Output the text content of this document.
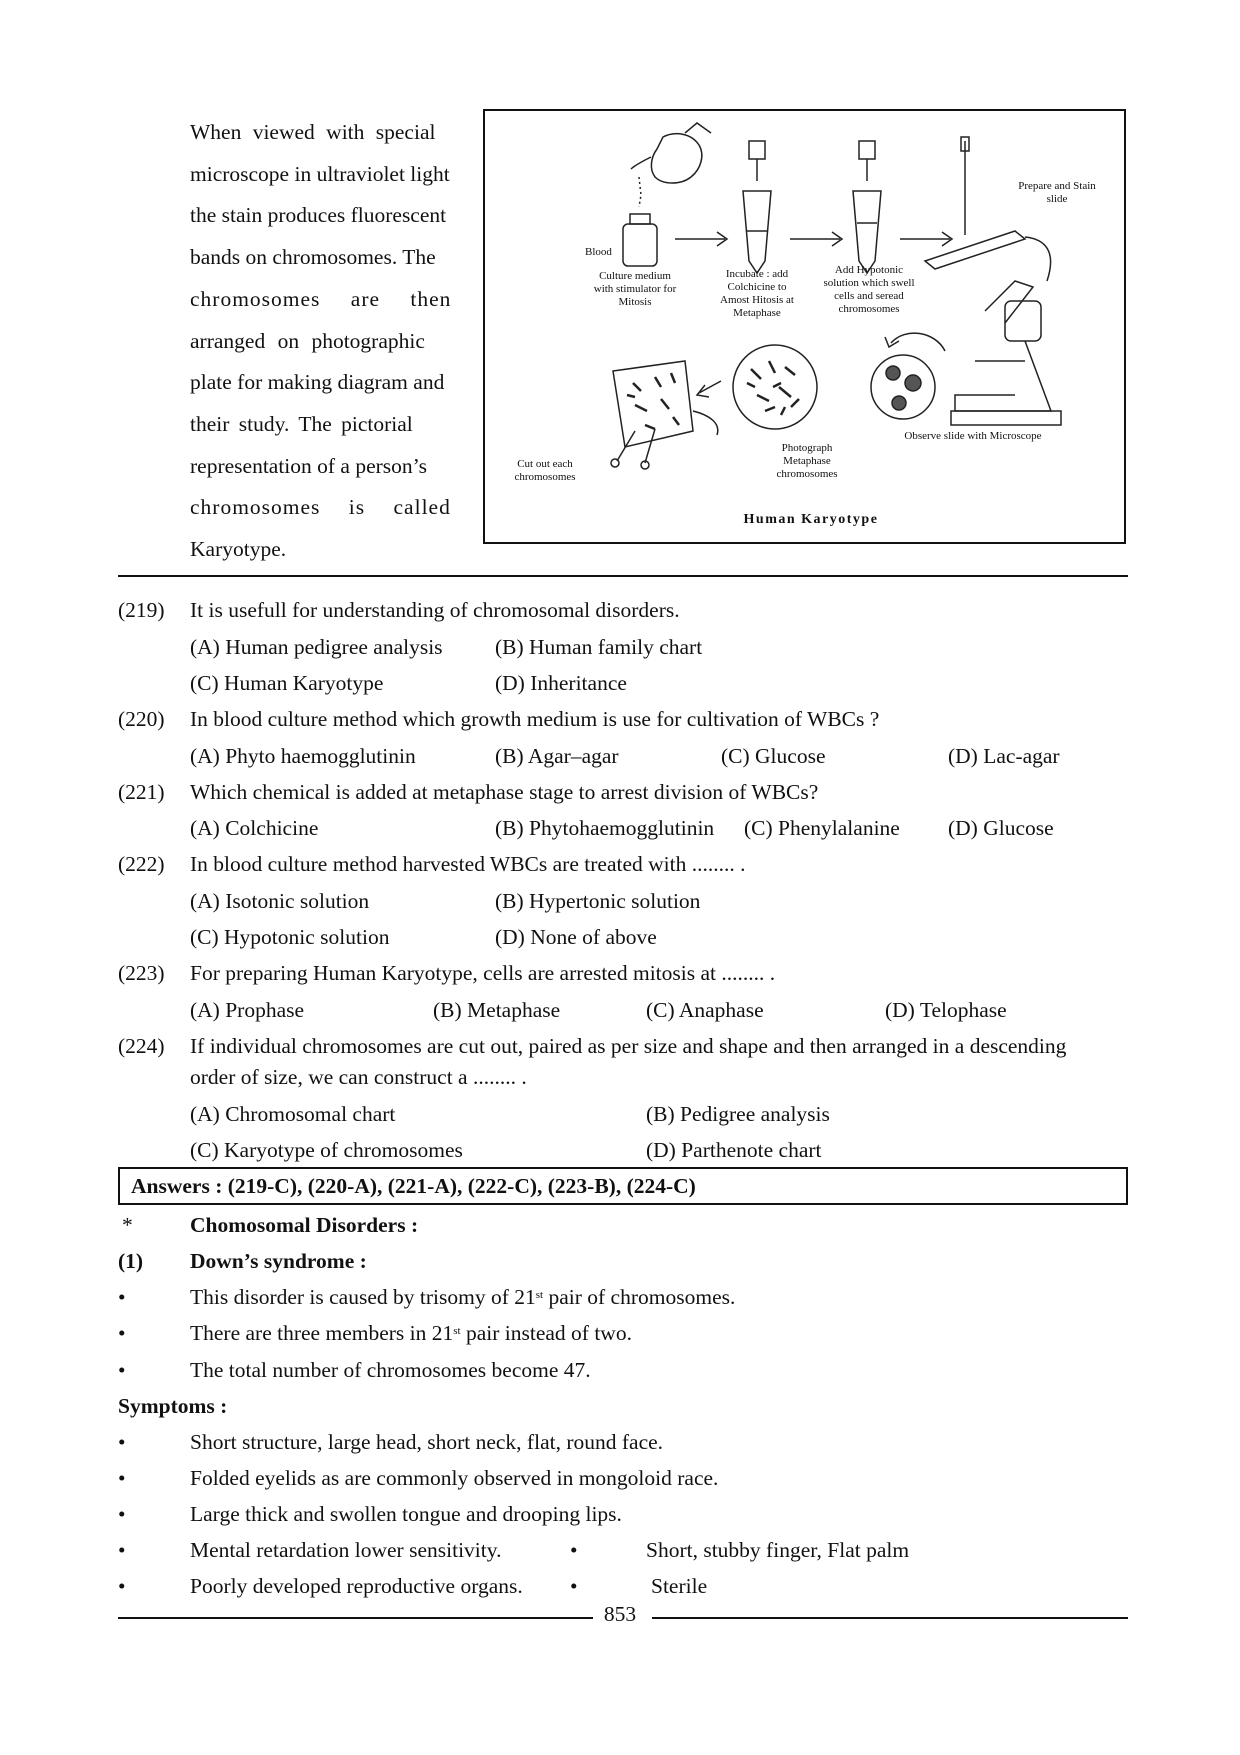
When viewed with special
microscope in ultraviolet light
the stain produces fluorescent
bands on chromosomes. The
chromosomes are then
arranged on photographic
plate for making diagram and
their study. The pictorial
representation of a person’s
chromosomes is called
Karyotype.
Blood
Culture medium
with stimulator for
Mitosis
Incubate : add
Colchicine to
Amost Hitosis at
Metaphase
Add Hypotonic
solution which swell
cells and seread
chromosomes
Prepare and Stain
slide
Observe slide with Microscope
Photograph
Metaphase
chromosomes
Cut out each
chromosomes
Human Karyotype
(219) It is usefull for understanding of chromosomal disorders.
(A) Human pedigree analysis (B) Human family chart
(C) Human Karyotype	(D) Inheritance
(220) In blood culture method which growth medium is use for cultivation of WBCs ?
(A) Phyto haemogglutinin	(B) Agar–agar	(C) Glucose	(D) Lac-agar
(221) Which chemical is added at metaphase stage to arrest division of WBCs?
(A) Colchicine	(B) Phytohaemogglutinin (C) Phenylalanine (D) Glucose
(222) In blood culture method harvested WBCs are treated with ........ .
(A) Isotonic solution	(B) Hypertonic solution
(C) Hypotonic solution	(D) None of above
(223) For preparing Human Karyotype, cells are arrested mitosis at ........ .
(A) Prophase	(B) Metaphase	(C) Anaphase	(D) Telophase
(224) If individual chromosomes are cut out, paired as per size and shape and then arranged in a descending
order of size, we can construct a ........ .
(A) Chromosomal chart	(B) Pedigree analysis
(C) Karyotype of chromosomes	(D) Parthenote chart
Answers : (219-C), (220-A), (221-A), (222-C), (223-B), (224-C)
*	Chomosomal Disorders :
(1) Down’s syndrome :
•	This disorder is caused by trisomy of 21st pair of chromosomes.
•	There are three members in 21st pair instead of two.
•	The total number of chromosomes become 47.
Symptoms :
•	Short structure, large head, short neck, flat, round face.
•	Folded eyelids as are commonly observed in mongoloid race.
•	Large thick and swollen tongue and drooping lips.
•	Mental retardation lower sensitivity.	•	Short, stubby finger, Flat palm
•	Poorly developed reproductive organs. •	Sterile
853
